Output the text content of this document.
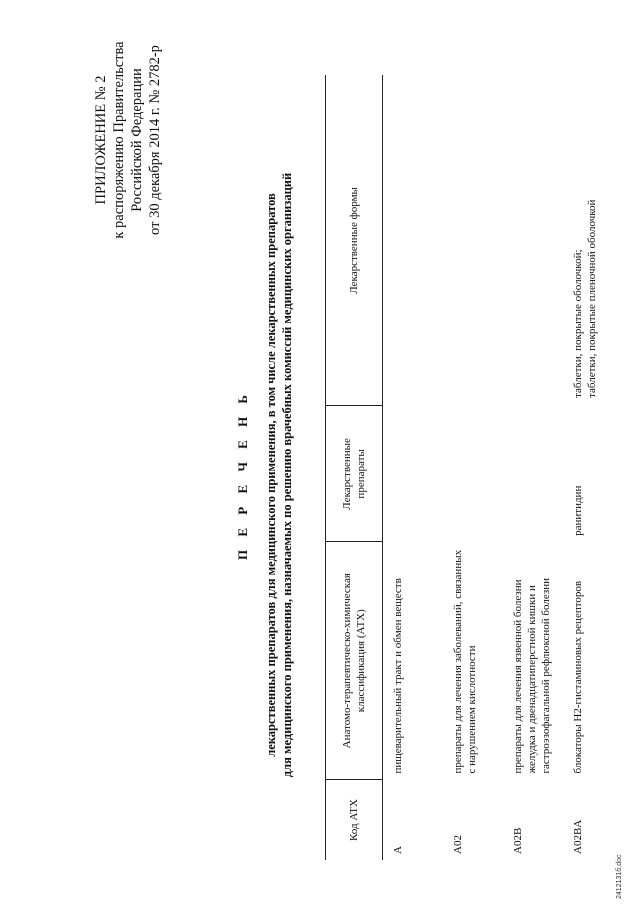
ПРИЛОЖЕНИЕ № 2 к распоряжению Правительства Российской Федерации от 30 декабря 2014 г. № 2782-р
П Е Р Е Ч Е Н Ь лекарственных препаратов для медицинского применения, в том числе лекарственных препаратов для медицинского применения, назначаемых по решению врачебных комиссий медицинских организаций
Код АТХ	Анатомо-терапевтическо-химическая классификация (АТХ)	Лекарственные препараты	Лекарственные формы
A	пищеварительный тракт и обмен веществ		

A02	препараты для лечения заболеваний, связанных с нарушением кислотности		

A02B	препараты для лечения язвенной болезни желудка и двенадцатиперстной кишки и гастроэзофагальной рефлюксной болезни		

A02BA	блокаторы Н2-гистаминовых рецепторов	ранитидин	таблетки, покрытые оболочкой; таблетки, покрытые пленочной оболочкой
2412131б.doc
